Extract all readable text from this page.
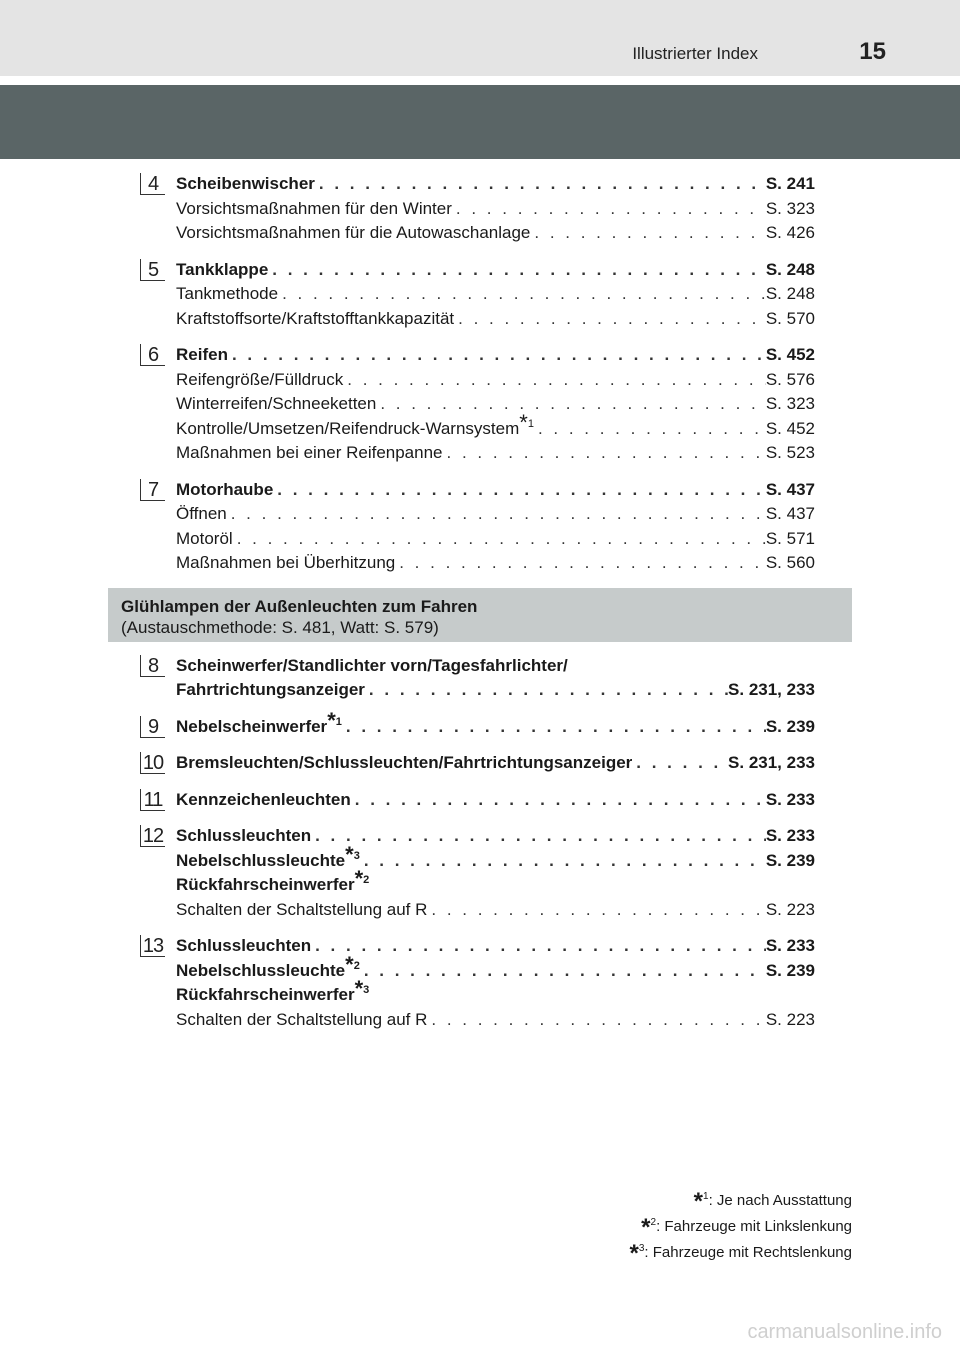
Illustrierter Index	15
4	Scheibenwischer . . .	S. 241
Vorsichtsmaßnahmen für den Winter . . .	S. 323
Vorsichtsmaßnahmen für die Autowaschanlage . . .	S. 426
5	Tankklappe . . .	S. 248
Tankmethode . . .	S. 248
Kraftstoffsorte/Kraftstofftankkapazität . . .	S. 570
6	Reifen . . .	S. 452
Reifengröße/Fülldruck . . .	S. 576
Winterreifen/Schneeketten . . .	S. 323
Kontrolle/Umsetzen/Reifendruck-Warnsystem$^{*1}$ . . .	S. 452
Maßnahmen bei einer Reifenpanne . . .	S. 523
7	Motorhaube . . .	S. 437
Öffnen . . .	S. 437
Motoröl . . .	S. 571
Maßnahmen bei Überhitzung . . .	S. 560
Glühlampen der Außenleuchten zum Fahren
(Austauschmethode: S. 481, Watt: S. 579)
8	Scheinwerfer/Standlichter vorn/Tagesfahrlichter/
Fahrtrichtungsanzeiger . . .	S. 231, 233
9	Nebelscheinwerfer$^{*1}$ . . .	S. 239
10 Bremsleuchten/Schlussleuchten/Fahrtrichtungsanzeiger . . .	S. 231, 233
11 Kennzeichenleuchten . . .	S. 233
12 Schlussleuchten . . .	S. 233
Nebelschlussleuchte$^{*3}$ . . .	S. 239
Rückfahrscheinwerfer$^{*2}$
Schalten der Schaltstellung auf R . . .	S. 223
13 Schlussleuchten . . .	S. 233
Nebelschlussleuchte$^{*2}$ . . .	S. 239
Rückfahrscheinwerfer$^{*3}$
Schalten der Schaltstellung auf R . . .	S. 223
*$^1$: Je nach Ausstattung
*$^2$: Fahrzeuge mit Linkslenkung
*$^3$: Fahrzeuge mit Rechtslenkung
carmanualsonline.info
